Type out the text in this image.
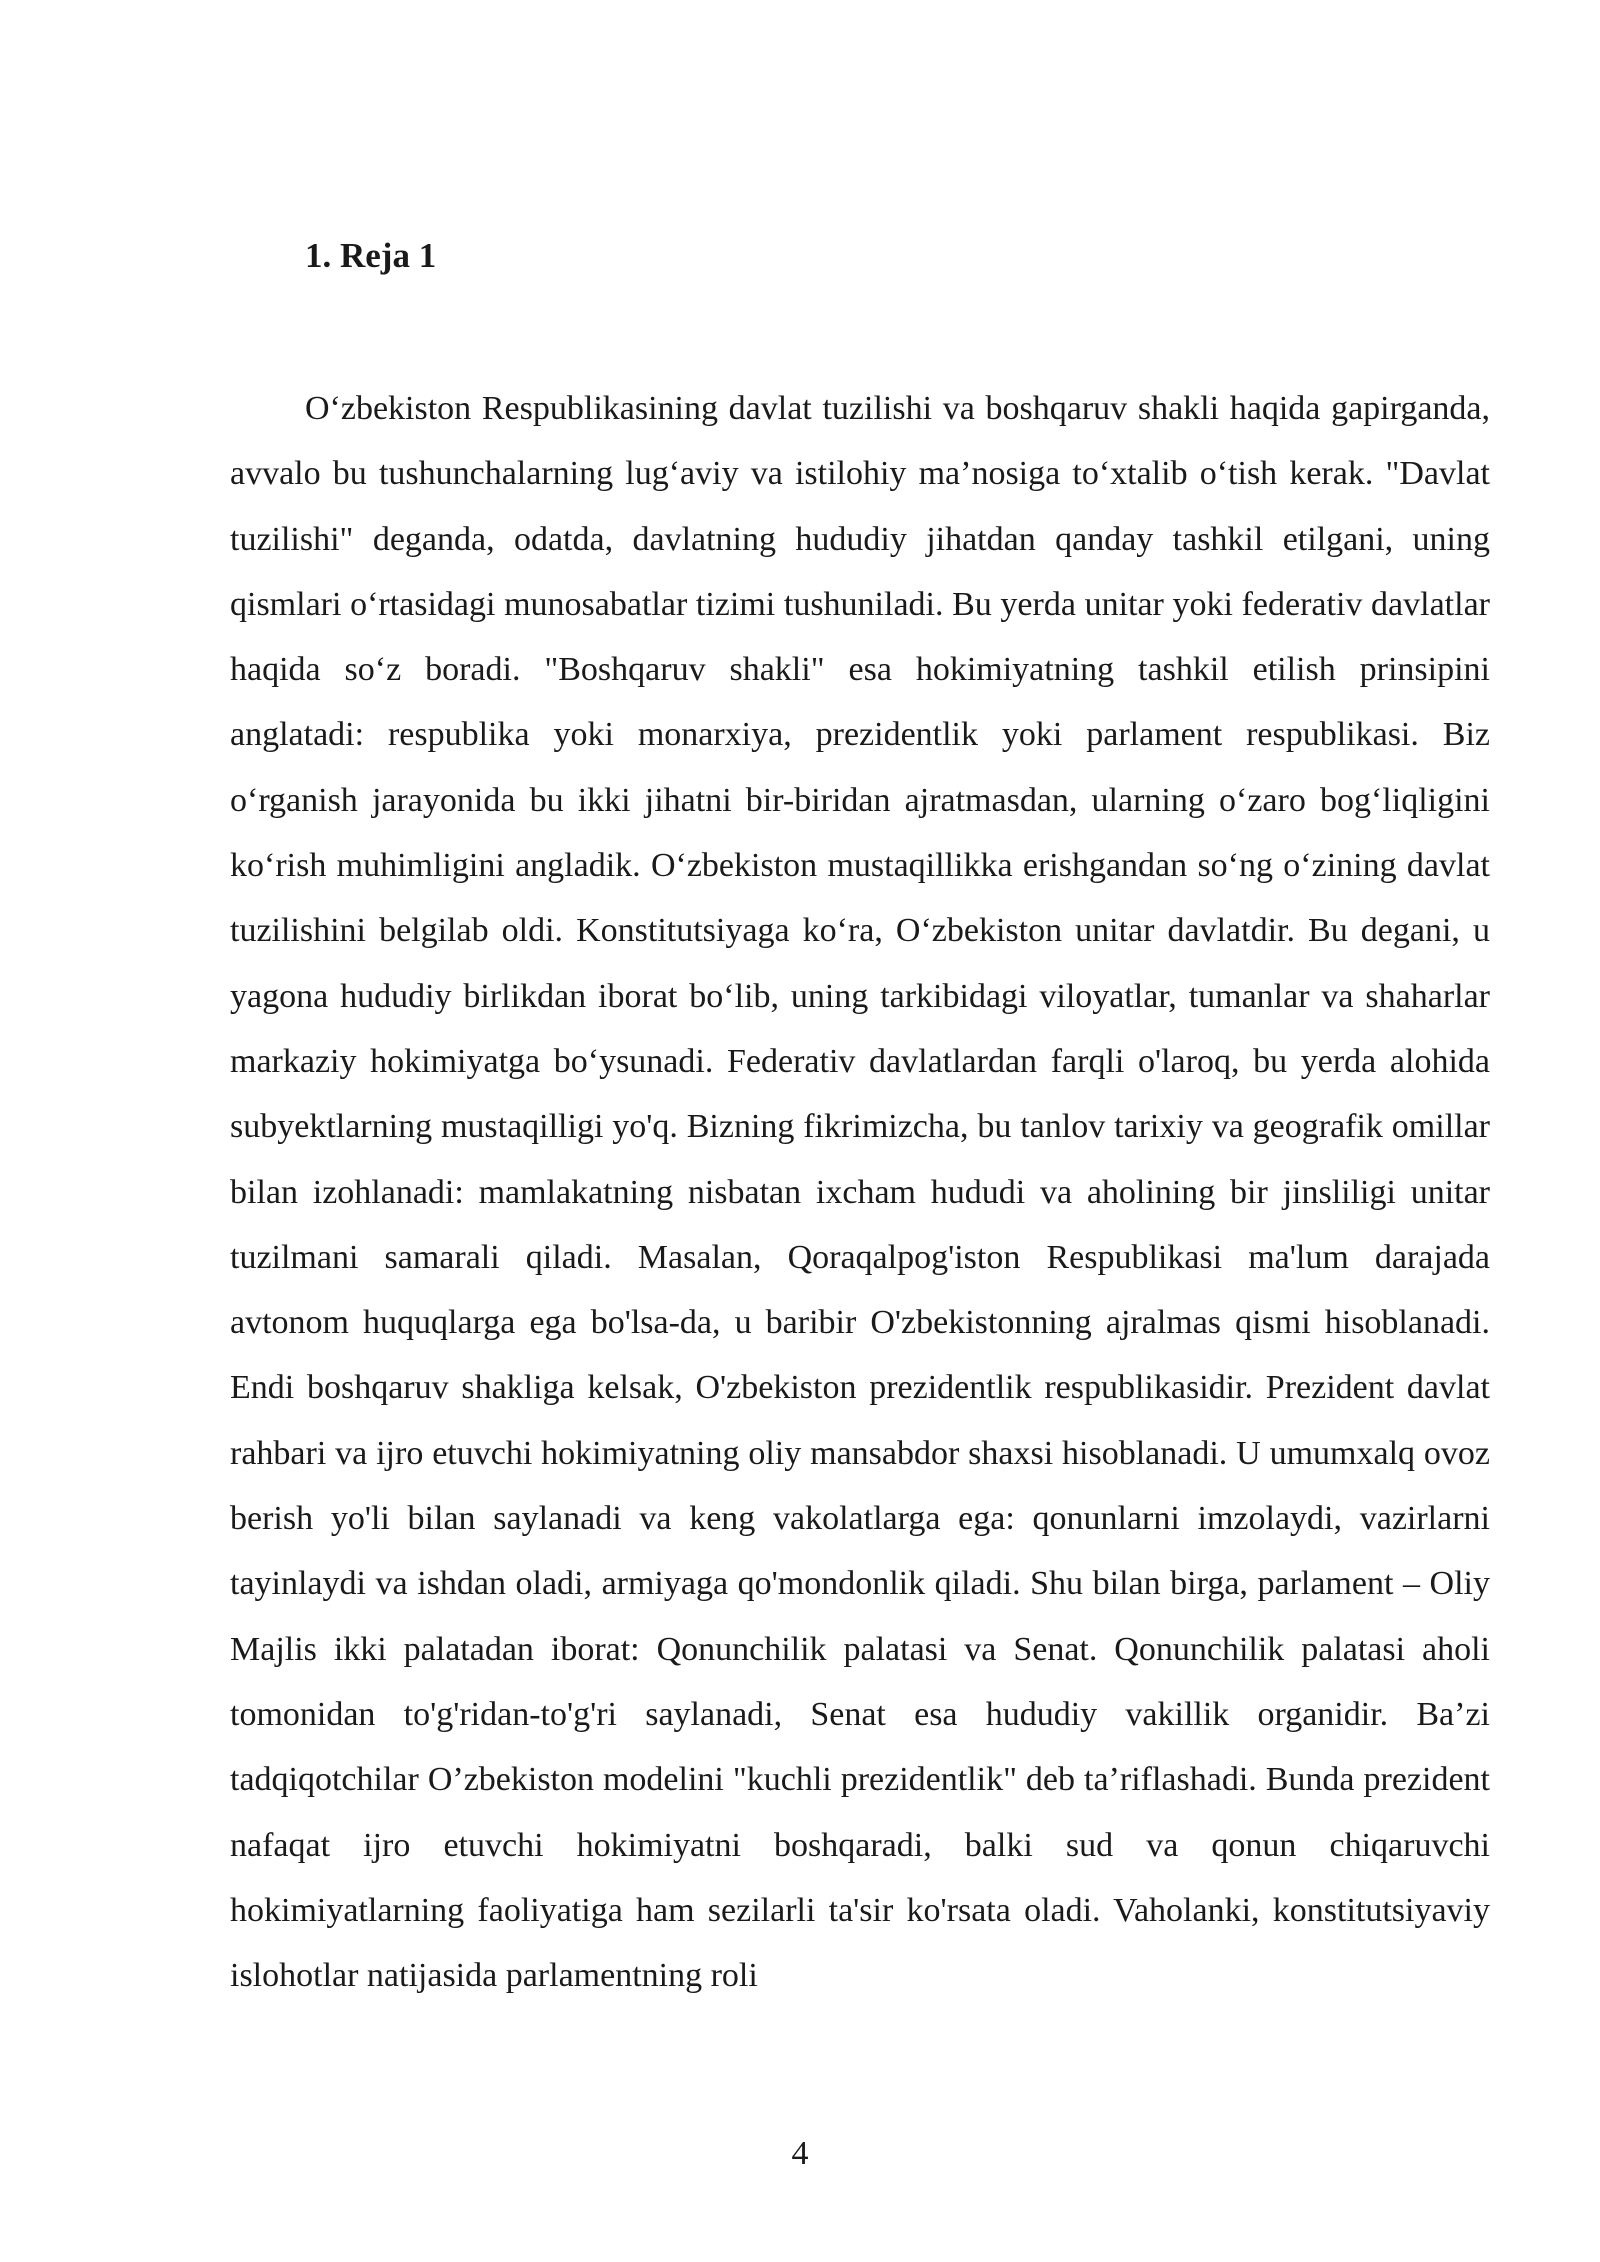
1. Reja 1

O‘zbekiston Respublikasining davlat tuzilishi va boshqaruv shakli haqida gapirganda, avvalo bu tushunchalarning lug‘aviy va istilohiy ma’nosiga to‘xtalib o‘tish kerak. "Davlat tuzilishi" deganda, odatda, davlatning hududiy jihatdan qanday tashkil etilgani, uning qismlari o‘rtasidagi munosabatlar tizimi tushuniladi. Bu yerda unitar yoki federativ davlatlar haqida so‘z boradi. "Boshqaruv shakli" esa hokimiyatning tashkil etilish prinsipini anglatadi: respublika yoki monarxiya, prezidentlik yoki parlament respublikasi. Biz o‘rganish jarayonida bu ikki jihatni bir-biridan ajratmasdan, ularning o‘zaro bog‘liqligini ko‘rish muhimligini angladik. O‘zbekiston mustaqillikka erishgandan so‘ng o‘zining davlat tuzilishini belgilab oldi. Konstitutsiyaga ko‘ra, O‘zbekiston unitar davlatdir. Bu degani, u yagona hududiy birlikdan iborat bo‘lib, uning tarkibidagi viloyatlar, tumanlar va shaharlar markaziy hokimiyatga bo‘ysunadi. Federativ davlatlardan farqli o'laroq, bu yerda alohida subyektlarning mustaqilligi yo'q. Bizning fikrimizcha, bu tanlov tarixiy va geografik omillar bilan izohlanadi: mamlakatning nisbatan ixcham hududi va aholining bir jinsliligi unitar tuzilmani samarali qiladi. Masalan, Qoraqalpog'iston Respublikasi ma'lum darajada avtonom huquqlarga ega bo'lsa-da, u baribir O'zbekistonning ajralmas qismi hisoblanadi. Endi boshqaruv shakliga kelsak, O'zbekiston prezidentlik respublikasidir. Prezident davlat rahbari va ijro etuvchi hokimiyatning oliy mansabdor shaxsi hisoblanadi. U umumxalq ovoz berish yo'li bilan saylanadi va keng vakolatlarga ega: qonunlarni imzolaydi, vazirlarni tayinlaydi va ishdan oladi, armiyaga qo'mondonlik qiladi. Shu bilan birga, parlament – Oliy Majlis ikki palatadan iborat: Qonunchilik palatasi va Senat. Qonunchilik palatasi aholi tomonidan to'g'ridan-to'g'ri saylanadi, Senat esa hududiy vakillik organidir. Ba’zi tadqiqotchilar O’zbekiston modelini "kuchli prezidentlik" deb ta’riflashadi. Bunda prezident nafaqat ijro etuvchi hokimiyatni boshqaradi, balki sud va qonun chiqaruvchi hokimiyatlarning faoliyatiga ham sezilarli ta'sir ko'rsata oladi. Vaholanki, konstitutsiyaviy islohotlar natijasida parlamentning roli

4
